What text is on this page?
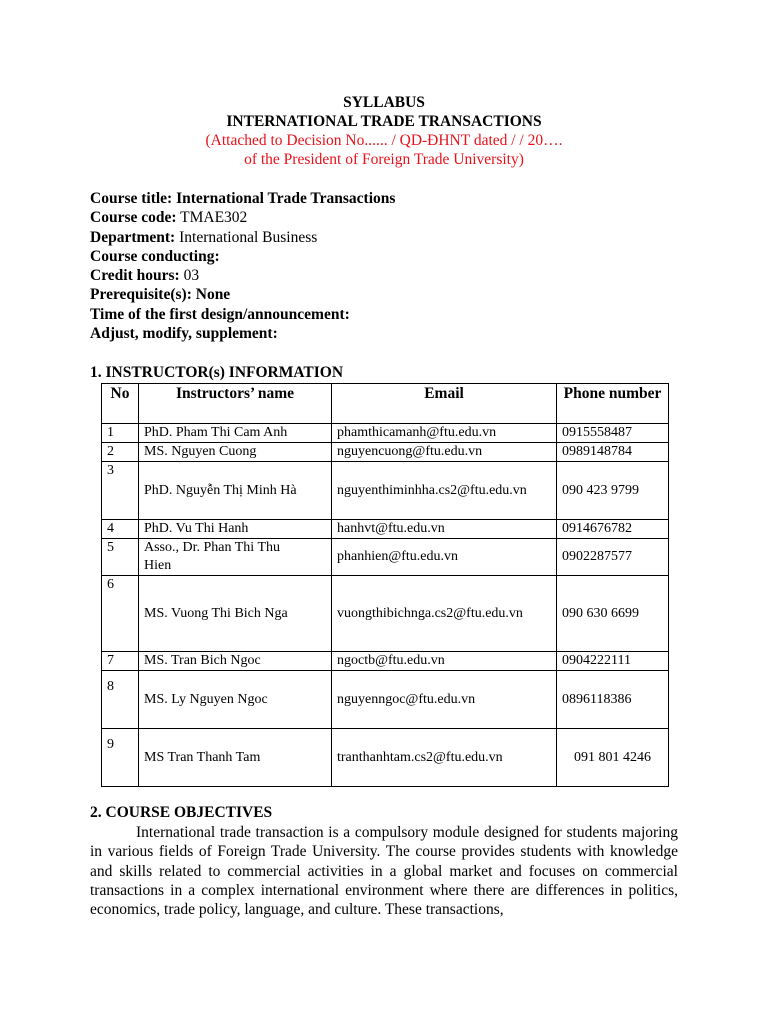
SYLLABUS
INTERNATIONAL TRADE TRANSACTIONS
(Attached to Decision No...... / QD-ĐHNT dated / / 20….
of the President of Foreign Trade University)
Course title: International Trade Transactions
Course code: TMAE302
Department: International Business
Course conducting:
Credit hours: 03
Prerequisite(s): None
Time of the first design/announcement:
Adjust, modify, supplement:
1. INSTRUCTOR(s) INFORMATION
No	Instructors’ name	Email	Phone number
1	PhD. Pham Thi Cam Anh	phamthicamanh@ftu.edu.vn	0915558487
2	MS. Nguyen Cuong	nguyencuong@ftu.edu.vn	0989148784
3	PhD. Nguyễn Thị Minh Hà	nguyenthiminhha.cs2@ftu.edu.vn	090 423 9799
4	PhD. Vu Thi Hanh	hanhvt@ftu.edu.vn	0914676782
5	Asso., Dr. Phan Thi Thu
Hien	phanhien@ftu.edu.vn	0902287577
6	MS. Vuong Thi Bich Nga	vuongthibichnga.cs2@ftu.edu.vn	090 630 6699
7	MS. Tran Bich Ngoc	ngoctb@ftu.edu.vn	0904222111
8	MS. Ly Nguyen Ngoc	nguyenngoc@ftu.edu.vn	0896118386
9	MS Tran Thanh Tam	tranthanhtam.cs2@ftu.edu.vn	091 801 4246
2. COURSE OBJECTIVES
International trade transaction is a compulsory module designed for students majoring in various fields of Foreign Trade University. The course provides students with knowledge and skills related to commercial activities in a global market and focuses on commercial transactions in a complex international environment where there are differences in politics, economics, trade policy, language, and culture. These transactions,
